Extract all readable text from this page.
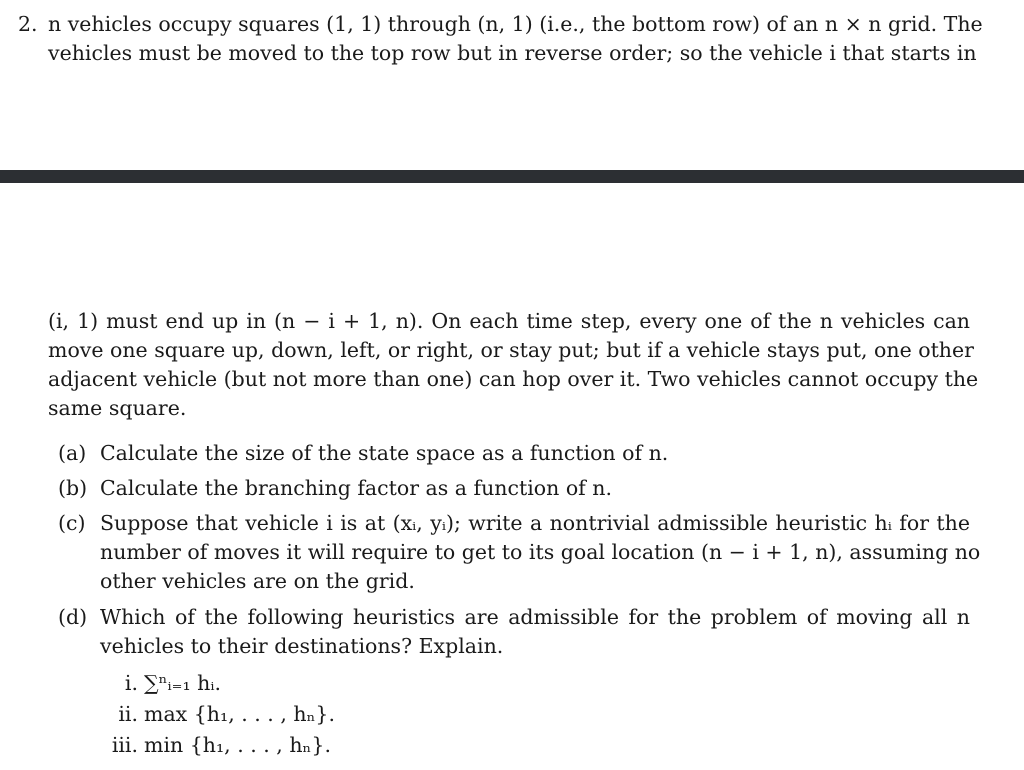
2. n vehicles occupy squares (1, 1) through (n, 1) (i.e., the bottom row) of an n × n grid. The
vehicles must be moved to the top row but in reverse order; so the vehicle i that starts in
(i, 1) must end up in (n − i + 1, n). On each time step, every one of the n vehicles can
move one square up, down, left, or right, or stay put; but if a vehicle stays put, one other
adjacent vehicle (but not more than one) can hop over it. Two vehicles cannot occupy the
same square.
(a) Calculate the size of the state space as a function of n.
(b) Calculate the branching factor as a function of n.
(c) Suppose that vehicle i is at (xᵢ, yᵢ); write a nontrivial admissible heuristic hᵢ for the
number of moves it will require to get to its goal location (n − i + 1, n), assuming no
other vehicles are on the grid.
(d) Which of the following heuristics are admissible for the problem of moving all n
vehicles to their destinations? Explain.
i. ∑ⁿᵢ₌₁ hᵢ.
ii. max {h₁, . . . , hₙ}.
iii. min {h₁, . . . , hₙ}.
